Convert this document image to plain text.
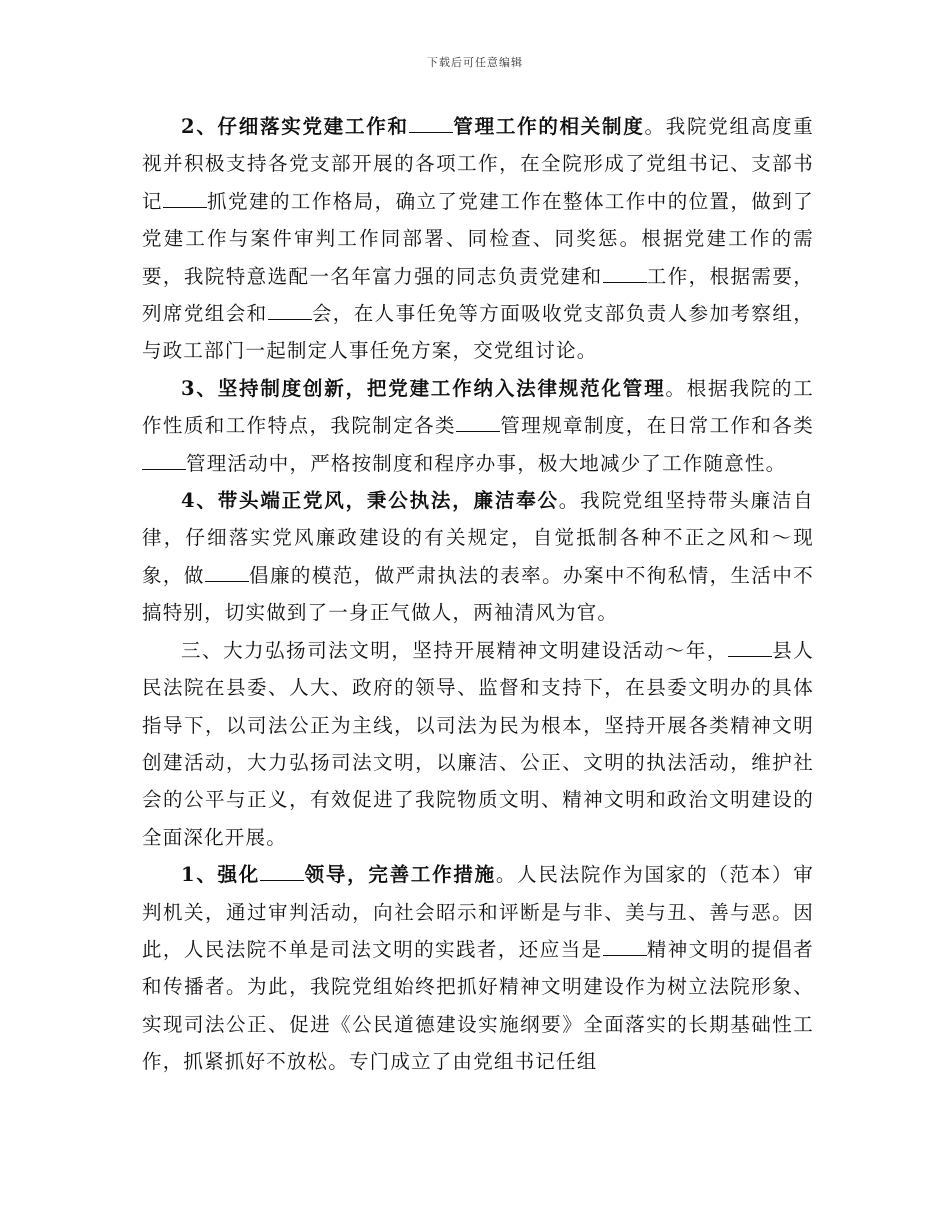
下载后可任意编辑

2、仔细落实党建工作和 管理工作的相关制度。我院党组高度重视并积极支持各党支部开展的各项工作，在全院形成了党组书记、支部书记 抓党建的工作格局，确立了党建工作在整体工作中的位置，做到了党建工作与案件审判工作同部署、同检查、同奖惩。根据党建工作的需要，我院特意选配一名年富力强的同志负责党建和 工作，根据需要，列席党组会和 会，在人事任免等方面吸收党支部负责人参加考察组，与政工部门一起制定人事任免方案，交党组讨论。

3、坚持制度创新，把党建工作纳入法律规范化管理。根据我院的工作性质和工作特点，我院制定各类 管理规章制度，在日常工作和各类管理活动中，严格按制度和程序办事，极大地减少了工作随意性。

4、带头端正党风，秉公执法，廉洁奉公。我院党组坚持带头廉洁自律，仔细落实党风廉政建设的有关规定，自觉抵制各种不正之风和～现象，做 倡廉的模范，做严肃执法的表率。办案中不徇私情，生活中不搞特别，切实做到了一身正气做人，两袖清风为官。

三、大力弘扬司法文明，坚持开展精神文明建设活动～年， 县人民法院在县委、人大、政府的领导、监督和支持下，在县委文明办的具体指导下，以司法公正为主线，以司法为民为根本，坚持开展各类精神文明创建活动，大力弘扬司法文明，以廉洁、公正、文明的执法活动，维护社会的公平与正义，有效促进了我院物质文明、精神文明和政治文明建设的全面深化开展。

1、强化 领导，完善工作措施。人民法院作为国家的（范本）审判机关，通过审判活动，向社会昭示和评断是与非、美与丑、善与恶。因此，人民法院不单是司法文明的实践者，还应当是 精神文明的提倡者和传播者。为此，我院党组始终把抓好精神文明建设作为树立法院形象、实现司法公正、促进《公民道德建设实施纲要》全面落实的长期基础性工作，抓紧抓好不放松。专门成立了由党组书记任组
